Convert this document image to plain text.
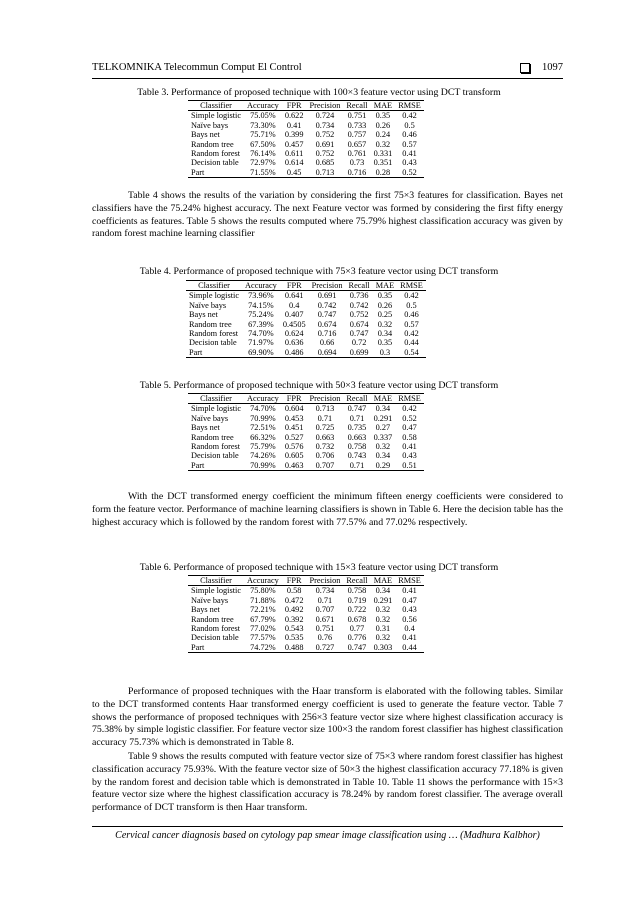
TELKOMNIKA Telecommun Comput El Control	1097
Table 3. Performance of proposed technique with 100×3 feature vector using DCT transform
Classifier	Accuracy	FPR	Precision	Recall	MAE	RMSE
Simple logistic	75.05%	0.622	0.724	0.751	0.35	0.42
Naïve bays	73.30%	0.41	0.734	0.733	0.26	0.5
Bays net	75.71%	0.399	0.752	0.757	0.24	0.46
Random tree	67.50%	0.457	0.691	0.657	0.32	0.57
Random forest	76.14%	0.611	0.752	0.761	0.331	0.41
Decision table	72.97%	0.614	0.685	0.73	0.351	0.43
Part	71.55%	0.45	0.713	0.716	0.28	0.52

Table 4 shows the results of the variation by considering the first 75×3 features for classification. Bayes net classifiers have the 75.24% highest accuracy. The next Feature vector was formed by considering the first fifty energy coefficients as features. Table 5 shows the results computed where 75.79% highest classification accuracy was given by random forest machine learning classifier

Table 4. Performance of proposed technique with 75×3 feature vector using DCT transform
Classifier	Accuracy	FPR	Precision	Recall	MAE	RMSE
Simple logistic	73.96%	0.641	0.691	0.736	0.35	0.42
Naïve bays	74.15%	0.4	0.742	0.742	0.26	0.5
Bays net	75.24%	0.407	0.747	0.752	0.25	0.46
Random tree	67.39%	0.4505	0.674	0.674	0.32	0.57
Random forest	74.70%	0.624	0.716	0.747	0.34	0.42
Decision table	71.97%	0.636	0.66	0.72	0.35	0.44
Part	69.90%	0.486	0.694	0.699	0.3	0.54
Table 5. Performance of proposed technique with 50×3 feature vector using DCT transform
Classifier	Accuracy	FPR	Precision	Recall	MAE	RMSE
Simple logistic	74.70%	0.604	0.713	0.747	0.34	0.42
Naïve bays	70.99%	0.453	0.71	0.71	0.291	0.52
Bays net	72.51%	0.451	0.725	0.735	0.27	0.47
Random tree	66.32%	0.527	0.663	0.663	0.337	0.58
Random forest	75.79%	0.576	0.732	0.758	0.32	0.41
Decision table	74.26%	0.605	0.706	0.743	0.34	0.43
Part	70.99%	0.463	0.707	0.71	0.29	0.51

With the DCT transformed energy coefficient the minimum fifteen energy coefficients were considered to form the feature vector. Performance of machine learning classifiers is shown in Table 6. Here the decision table has the highest accuracy which is followed by the random forest with 77.57% and 77.02% respectively.

Table 6. Performance of proposed technique with 15×3 feature vector using DCT transform
Classifier	Accuracy	FPR	Precision	Recall	MAE	RMSE
Simple logistic	75.80%	0.58	0.734	0.758	0.34	0.41
Naïve bays	71.88%	0.472	0.71	0.719	0.291	0.47
Bays net	72.21%	0.492	0.707	0.722	0.32	0.43
Random tree	67.79%	0.392	0.671	0.678	0.32	0.56
Random forest	77.02%	0.543	0.751	0.77	0.31	0.4
Decision table	77.57%	0.535	0.76	0.776	0.32	0.41
Part	74.72%	0.488	0.727	0.747	0.303	0.44

Performance of proposed techniques with the Haar transform is elaborated with the following tables. Similar to the DCT transformed contents Haar transformed energy coefficient is used to generate the feature vector. Table 7 shows the performance of proposed techniques with 256×3 feature vector size where highest classification accuracy is 75.38% by simple logistic classifier. For feature vector size 100×3 the random forest classifier has highest classification accuracy 75.73% which is demonstrated in Table 8.

Table 9 shows the results computed with feature vector size of 75×3 where random forest classifier has highest classification accuracy 75.93%. With the feature vector size of 50×3 the highest classification accuracy 77.18% is given by the random forest and decision table which is demonstrated in Table 10. Table 11 shows the performance with 15×3 feature vector size where the highest classification accuracy is 78.24% by random forest classifier. The average overall performance of DCT transform is then Haar transform.

Cervical cancer diagnosis based on cytology pap smear image classification using … (Madhura Kalbhor)
